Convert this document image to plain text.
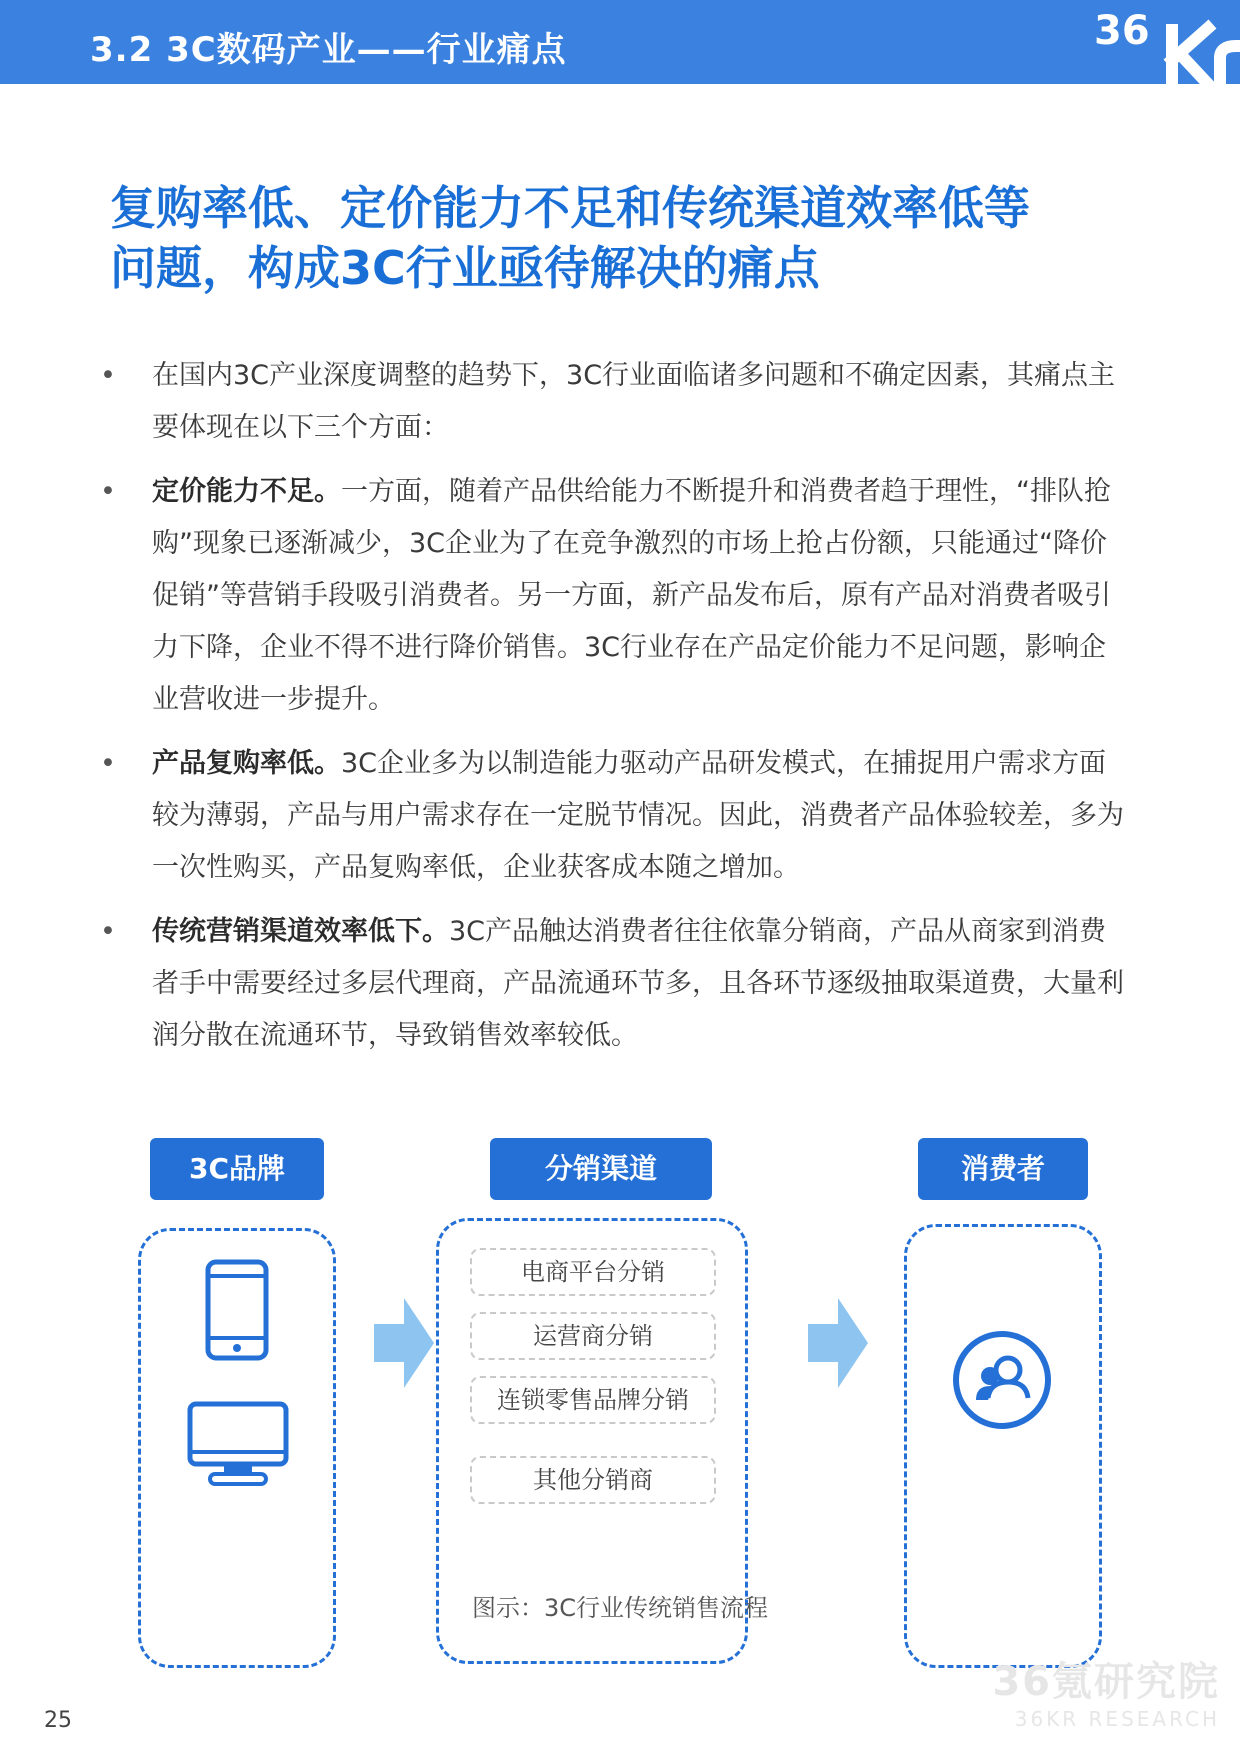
3.2 3C数码产业——行业痛点	36
复购率低、定价能力不足和传统渠道效率低等
问题，构成3C行业亟待解决的痛点
• 在国内3C产业深度调整的趋势下，3C行业面临诸多问题和不确定因素，其痛点主要体现在以下三个方面：
• 定价能力不足。一方面，随着产品供给能力不断提升和消费者趋于理性，“排队抢购”现象已逐渐减少，3C企业为了在竞争激烈的市场上抢占份额，只能通过“降价促销”等营销手段吸引消费者。另一方面，新产品发布后，原有产品对消费者吸引力下降，企业不得不进行降价销售。3C行业存在产品定价能力不足问题，影响企业营收进一步提升。
• 产品复购率低。3C企业多为以制造能力驱动产品研发模式，在捕捉用户需求方面较为薄弱，产品与用户需求存在一定脱节情况。因此，消费者产品体验较差，多为一次性购买，产品复购率低，企业获客成本随之增加。
• 传统营销渠道效率低下。3C产品触达消费者往往依靠分销商，产品从商家到消费者手中需要经过多层代理商，产品流通环节多，且各环节逐级抽取渠道费，大量利润分散在流通环节，导致销售效率较低。
3C品牌	分销渠道	消费者
电商平台分销
运营商分销
连锁零售品牌分销
其他分销商
图示：3C行业传统销售流程
36氪研究院
36KR RESEARCH
25
